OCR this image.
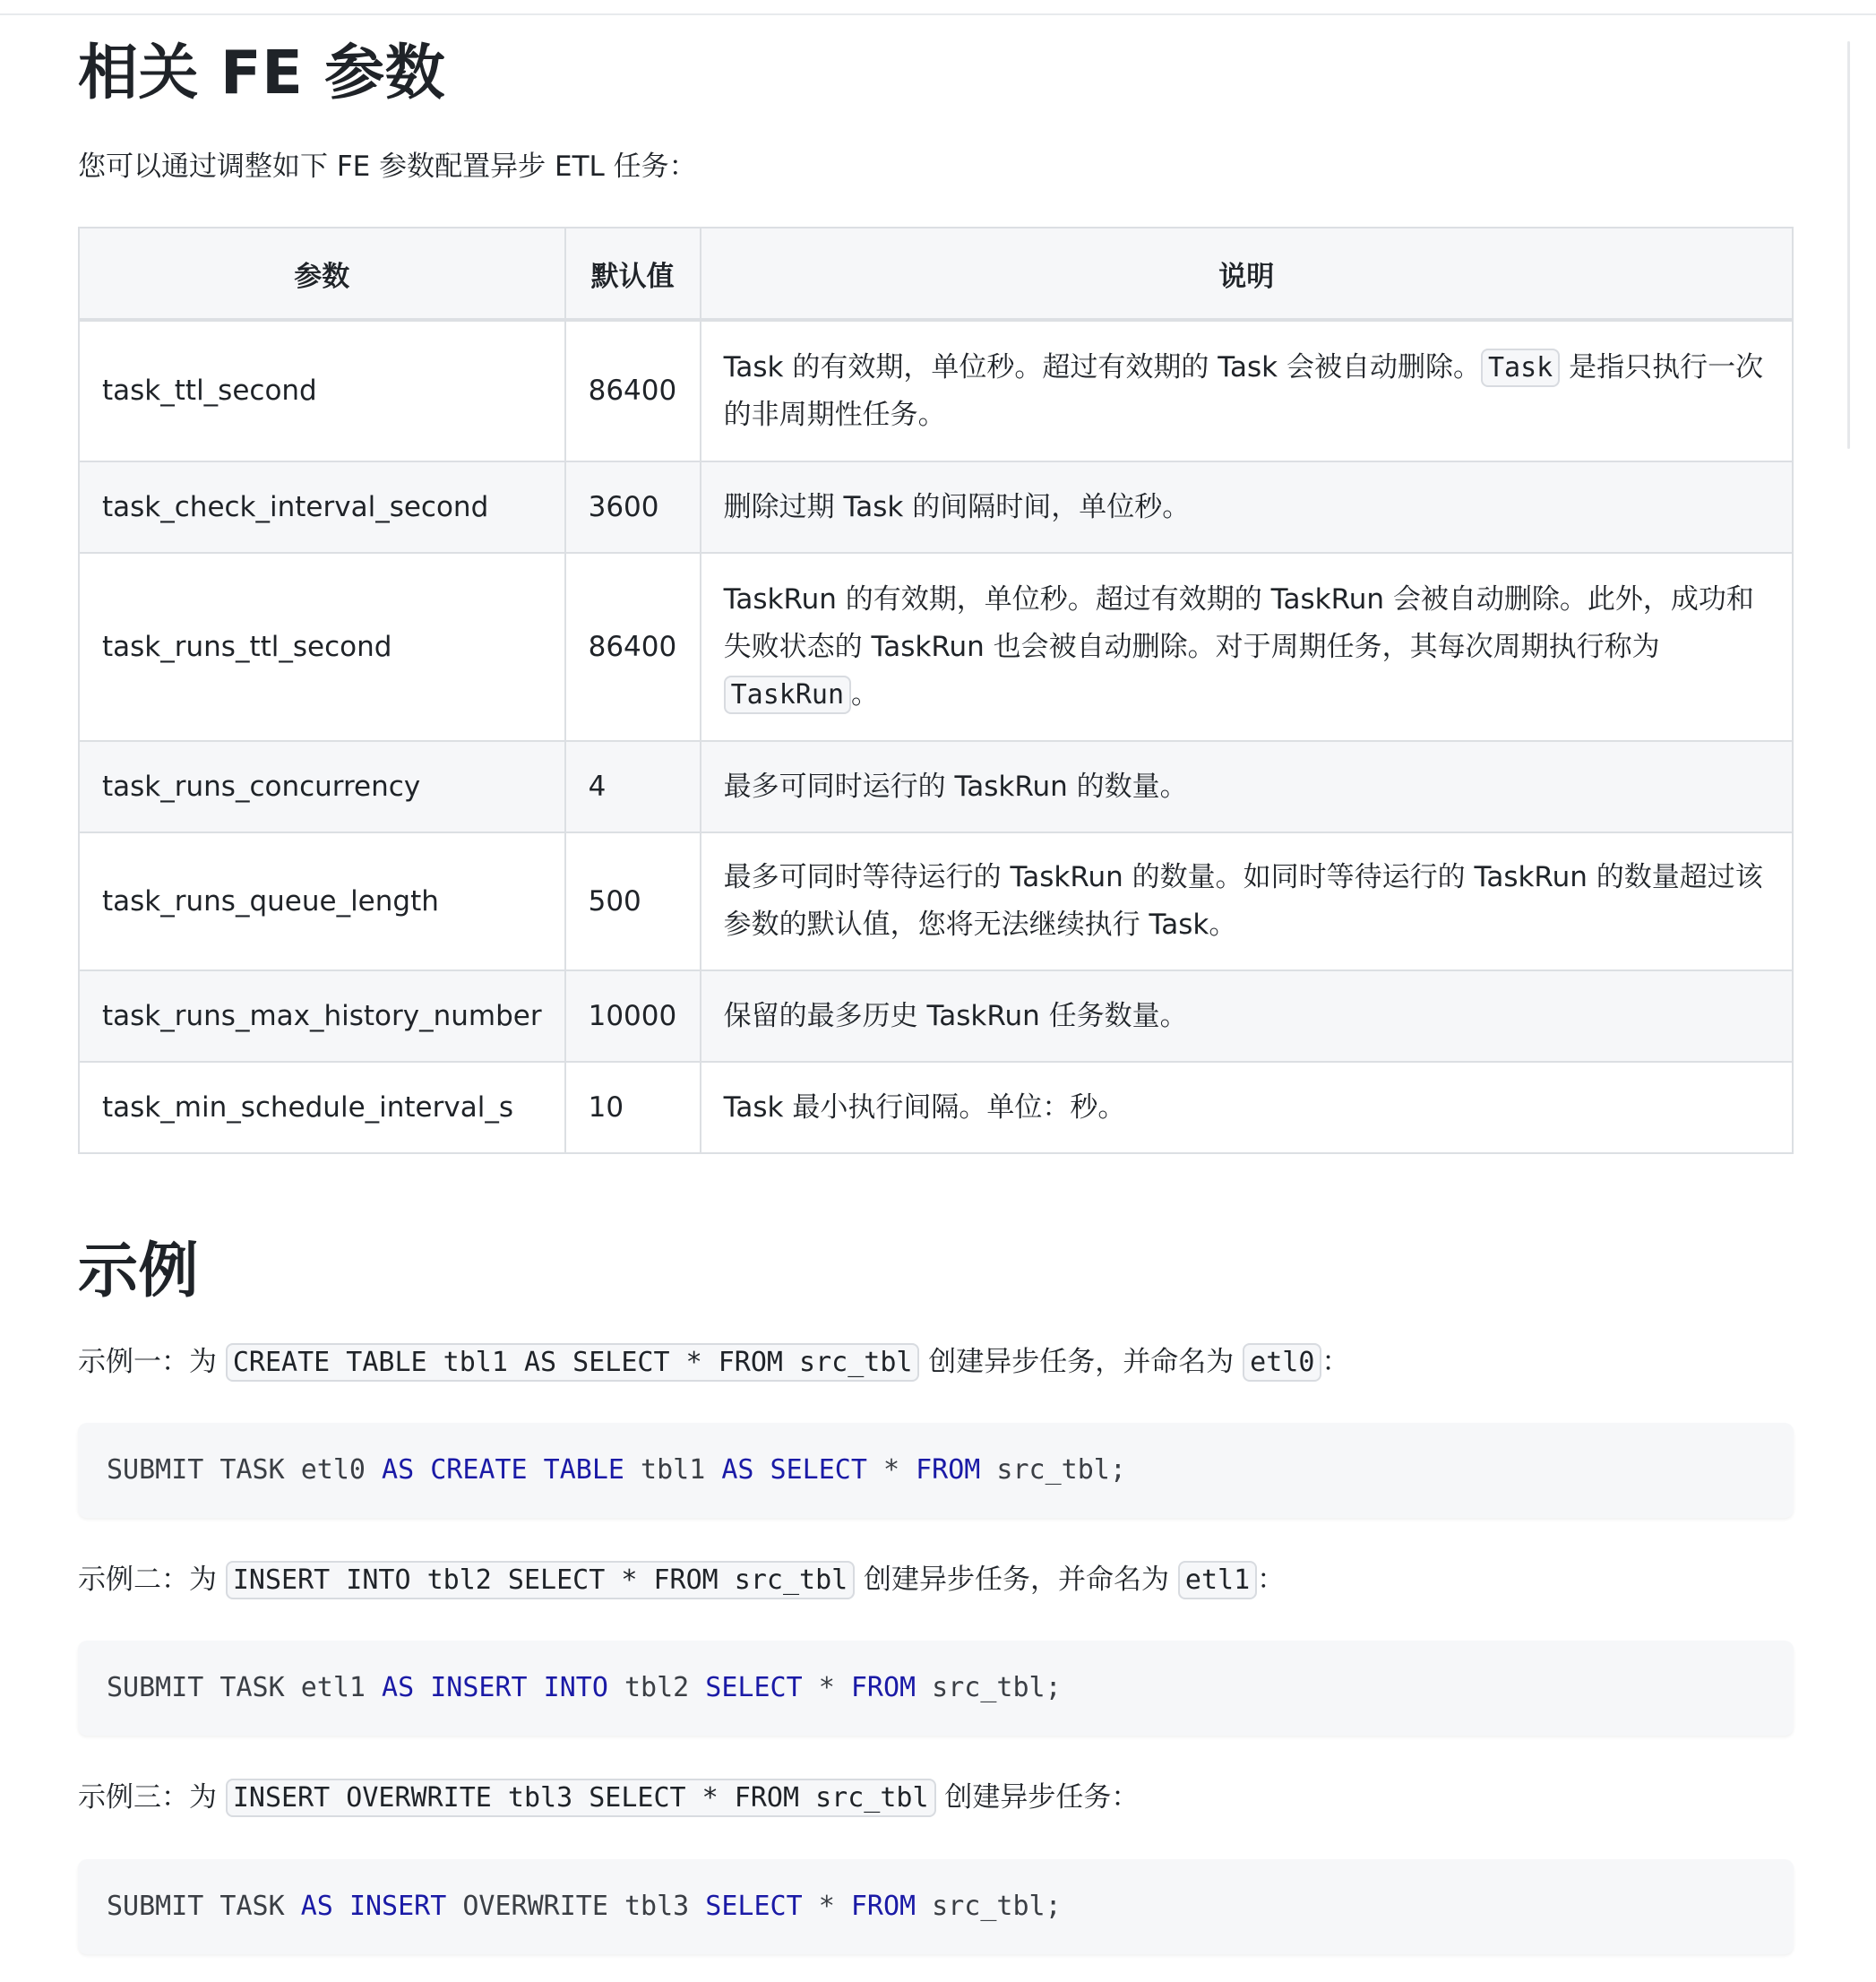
相关 FE 参数
您可以通过调整如下 FE 参数配置异步 ETL 任务：
参数	默认值	说明
task_ttl_second	86400	Task 的有效期，单位秒。超过有效期的 Task 会被自动删除。 Task 是指只执行一次的非周期性任务。
task_check_interval_second	3600	删除过期 Task 的间隔时间，单位秒。
task_runs_ttl_second	86400	TaskRun 的有效期，单位秒。超过有效期的 TaskRun 会被自动删除。此外，成功和失败状态的 TaskRun 也会被自动删除。对于周期任务，其每次周期执行称为 TaskRun 。
task_runs_concurrency	4	最多可同时运行的 TaskRun 的数量。
task_runs_queue_length	500	最多可同时等待运行的 TaskRun 的数量。如同时等待运行的 TaskRun 的数量超过该参数的默认值，您将无法继续执行 Task。
task_runs_max_history_number	10000	保留的最多历史 TaskRun 任务数量。
task_min_schedule_interval_s	10	Task 最小执行间隔。单位：秒。
示例
示例一：为 CREATE TABLE tbl1 AS SELECT * FROM src_tbl 创建异步任务，并命名为 etl0 ：
SUBMIT TASK etl0 AS CREATE TABLE tbl1 AS SELECT * FROM src_tbl;
示例二：为 INSERT INTO tbl2 SELECT * FROM src_tbl 创建异步任务，并命名为 etl1 ：
SUBMIT TASK etl1 AS INSERT INTO tbl2 SELECT * FROM src_tbl;
示例三：为 INSERT OVERWRITE tbl3 SELECT * FROM src_tbl 创建异步任务：
SUBMIT TASK AS INSERT OVERWRITE tbl3 SELECT * FROM src_tbl;
